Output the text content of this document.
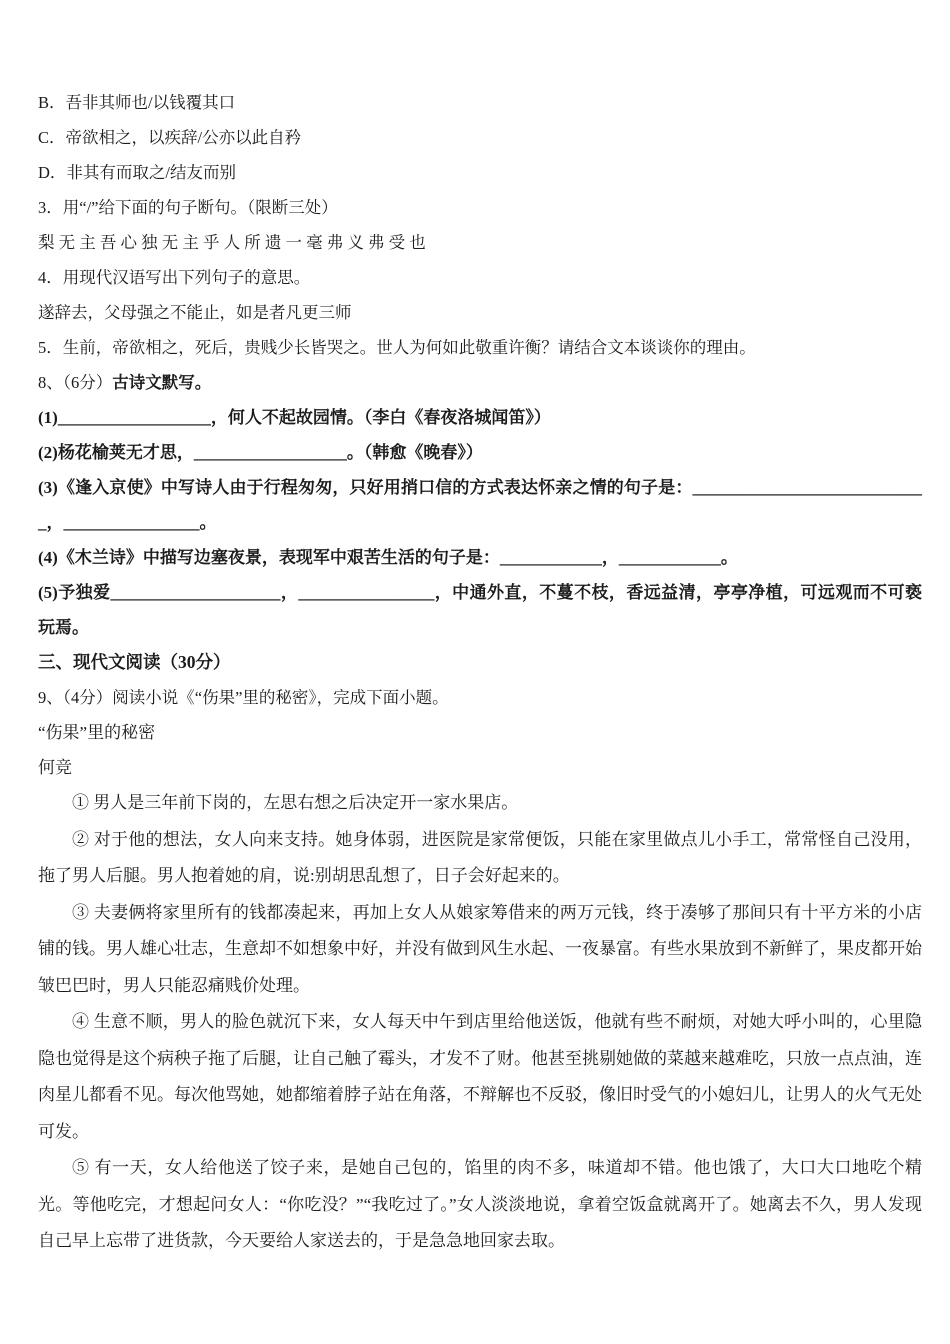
B．吾非其师也/以钱覆其口
C．帝欲相之，以疾辞/公亦以此自矜
D．非其有而取之/结友而别
3．用“/”给下面的句子断句。（限断三处）
梨 无 主 吾 心 独 无 主 乎 人 所 遗 一 毫 弗 义 弗 受 也
4．用现代汉语写出下列句子的意思。
遂辞去，父母强之不能止，如是者凡更三师
5．生前，帝欲相之，死后，贵贱少长皆哭之。世人为何如此敬重许衡？请结合文本谈谈你的理由。
8、（6分）古诗文默写。
(1)__________________，何人不起故园情。（李白《春夜洛城闻笛》）
(2)杨花榆荚无才思，__________________。（韩愈《晚春》）
(3)《逢入京使》中写诗人由于行程匆匆，只好用捎口信的方式表达怀亲之情的句子是：____________________________，________________。
(4)《木兰诗》中描写边塞夜景，表现军中艰苦生活的句子是：____________，____________。
(5)予独爱____________________，________________，中通外直，不蔓不枝，香远益清，亭亭净植，可远观而不可亵玩焉。
三、现代文阅读（30分）
9、（4分）阅读小说《“伤果”里的秘密》，完成下面小题。
“伤果”里的秘密
何竞
① 男人是三年前下岗的，左思右想之后决定开一家水果店。
② 对于他的想法，女人向来支持。她身体弱，进医院是家常便饭，只能在家里做点儿小手工，常常怪自己没用，拖了男人后腿。男人抱着她的肩，说:别胡思乱想了，日子会好起来的。
③ 夫妻俩将家里所有的钱都凑起来，再加上女人从娘家筹借来的两万元钱，终于凑够了那间只有十平方米的小店铺的钱。男人雄心壮志，生意却不如想象中好，并没有做到风生水起、一夜暴富。有些水果放到不新鲜了，果皮都开始皱巴巴时，男人只能忍痛贱价处理。
④ 生意不顺，男人的脸色就沉下来，女人每天中午到店里给他送饭，他就有些不耐烦，对她大呼小叫的，心里隐隐也觉得是这个病秧子拖了后腿，让自己触了霉头，才发不了财。他甚至挑剔她做的菜越来越难吃，只放一点点油，连肉星儿都看不见。每次他骂她，她都缩着脖子站在角落，不辩解也不反驳，像旧时受气的小媳妇儿，让男人的火气无处可发。
⑤ 有一天，女人给他送了饺子来，是她自己包的，馅里的肉不多，味道却不错。他也饿了，大口大口地吃个精光。等他吃完，才想起问女人：“你吃没？”“我吃过了。”女人淡淡地说，拿着空饭盒就离开了。她离去不久，男人发现自己早上忘带了进货款，今天要给人家送去的，于是急急地回家去取。
